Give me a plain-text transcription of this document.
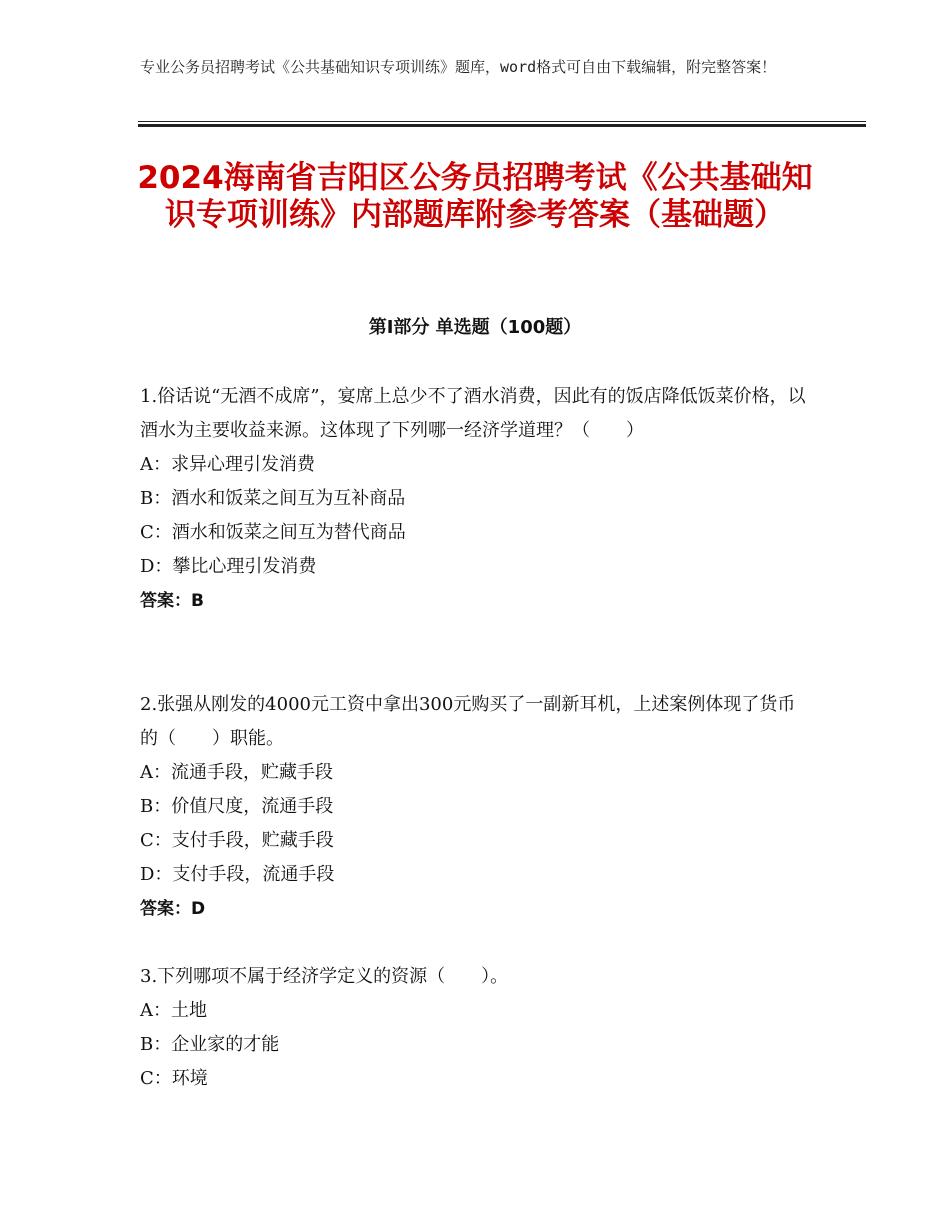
专业公务员招聘考试《公共基础知识专项训练》题库，word格式可自由下载编辑，附完整答案！
2024海南省吉阳区公务员招聘考试《公共基础知识专项训练》内部题库附参考答案（基础题）
第Ⅰ部分 单选题（100题）

1.俗话说“无酒不成席”，宴席上总少不了酒水消费，因此有的饭店降低饭菜价格，以酒水为主要收益来源。这体现了下列哪一经济学道理？（　　）

A：求异心理引发消费

B：酒水和饭菜之间互为互补商品

C：酒水和饭菜之间互为替代商品

D：攀比心理引发消费

答案：B

2.张强从刚发的4000元工资中拿出300元购买了一副新耳机，上述案例体现了货币的（　　）职能。

A：流通手段，贮藏手段

B：价值尺度，流通手段

C：支付手段，贮藏手段

D：支付手段，流通手段

答案：D

3.下列哪项不属于经济学定义的资源（　　）。

A：土地

B：企业家的才能

C：环境
